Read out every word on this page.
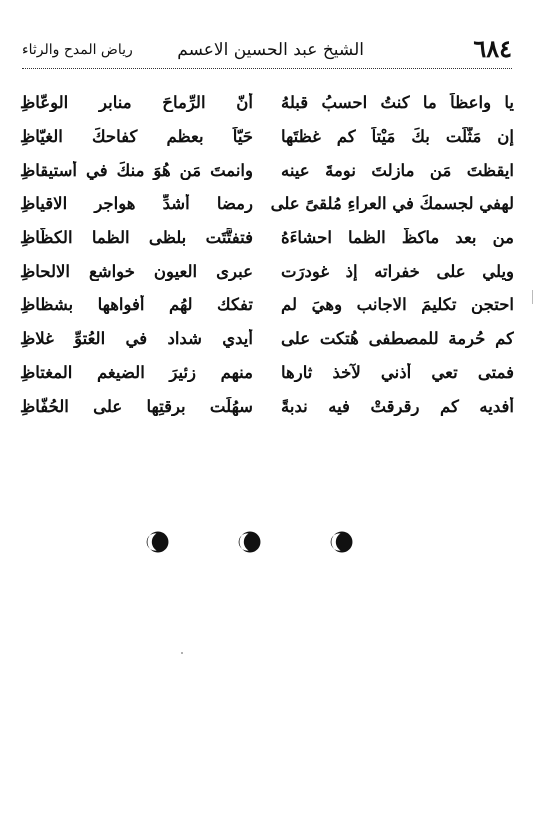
٦٨٤
الشيخ عبد الحسين الاعسم
رياض المدح والرثاء
يا واعظاً ما كنتُ احسبُ قبلهُ
أنّ الرِّماحَ منابر الوعّاظِ
إن مَثَّلَت بكَ مَيْتاً كم غظتَها
حَيّاً بعظم كفاحكَ الغيّاظِ
ايقظتَ مَن مازلتَ نومةَ عينه
وانمتَ مَن هُوَ منكَ في أستيقاظِ
لهفي لجسمكَ في العراءِ مُلقىً على
رمضا أشدِّ هواجر الاقياظِ
من بعد ماكظَّ الظما احشاءَهُ
فتفتَّتَت بلظى الظما الكظّاظِ
ويلي على خفراته إذ غودرَت
عبرى العيون خواشع الالحاظِ
احتجن تكليمَ الاجانب وهيَ لم
تفكك لهُم أفواهها بشظاظِ
كم حُرمة للمصطفى هُتكت على
أيدي شداد في العُتوِّ غلاظِ
فمتى تعي أُذني لآخذ ثارها
منهم زئيرَ الضيغم المغتاظِ
أفديه كم رقرقتْ فيه ندبةً
سهُلَت برقتِها على الحُفّاظِ
